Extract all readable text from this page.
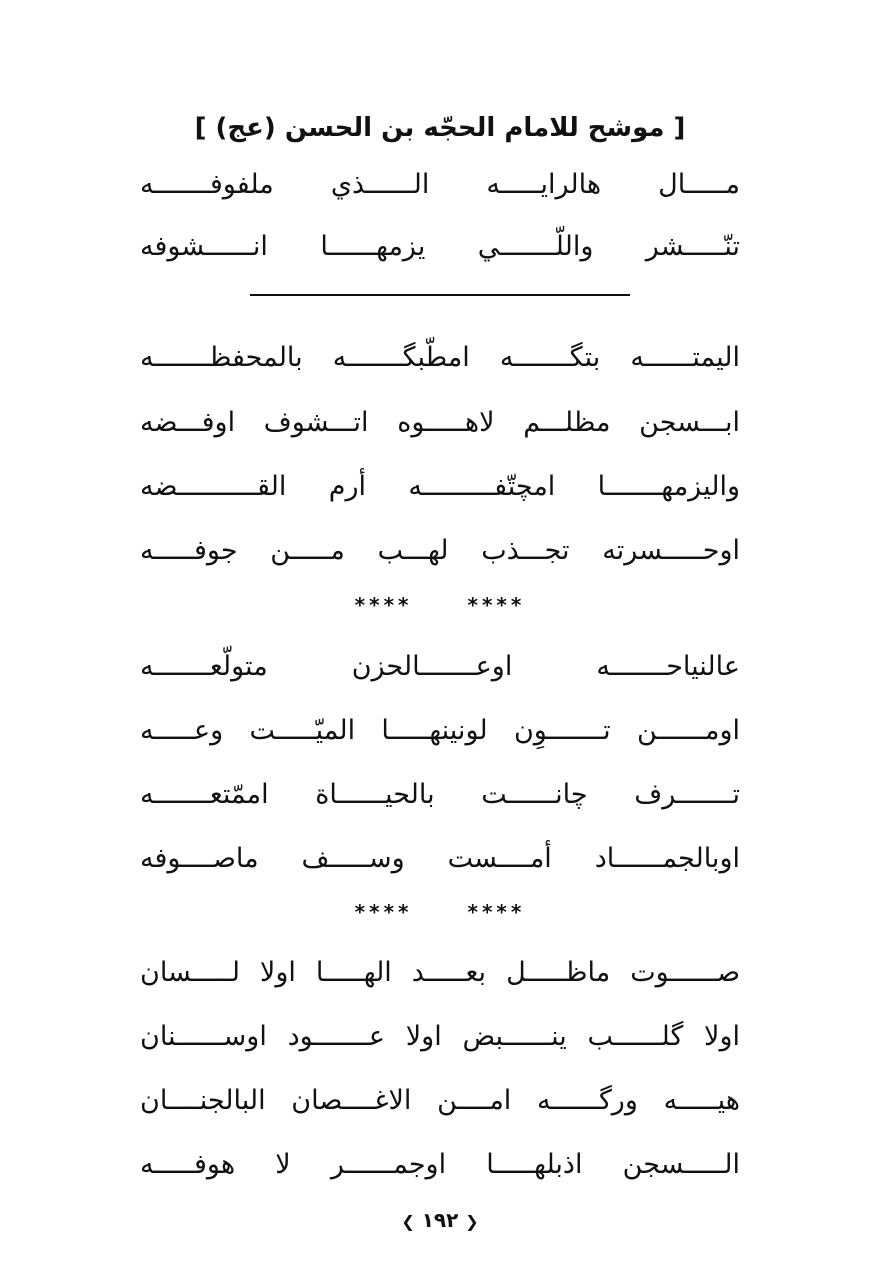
[ موشح للامام الحجّه بن الحسن (عج) ]
مـــــال هالرايـــــه الــــــذي ملفوفـــــــه
تنّـــــشر واللّـــــــي يزمهــــــا انــــــشوفه
اليمتــــــه بتگـــــــه امطّبگـــــــه بالمحفظـــــــه
ابـــسجن مظلـــم لاهـــــوه اتـــشوف اوفـــضه
واليزمهـــــــا امچتّفـــــــــه أرم القــــــــــضه
اوحـــــسرته تجـــذب لهـــب مـــــن جوفـــــه
****	****
عالنياحـــــــه اوعـــــــالحزن متولّعـــــــه
اومــــــن تـــــــوِن لونينهـــــا الميّـــــت وعـــــه
تـــــــرف چانــــــت بالحيــــــاة اممّتعـــــــه
اوبالجمــــــاد أمــــست وســـــف ماصــــوفه
****	****
صــــــوت ماظـــــل بعـــــد الهـــــا اولا لـــــسان
اولا گلــــــب ينــــــبض اولا عـــــــود اوســــــنان
هيـــــه ورگــــــه امــــن الاغــــصان البالجنــــان
الـــــسجن اذبلهـــــا اوجمــــــر لا هوفـــــه
❮ ١٩٢ ❯
